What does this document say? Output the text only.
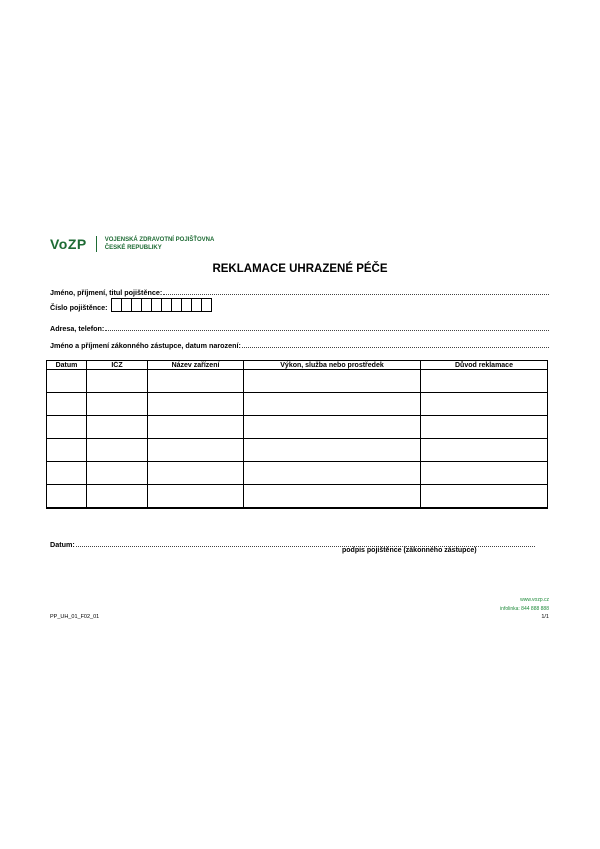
VoZP	VOJENSKÁ ZDRAVOTNÍ POJIŠŤOVNA
ČESKÉ REPUBLIKY
REKLAMACE UHRAZENÉ PÉČE
Jméno, příjmení, titul pojištěnce:
Číslo pojištěnce:
Adresa, telefon:
Jméno a příjmení zákonného zástupce, datum narození:
Datum	IČZ	Název zařízení	Výkon, služba nebo prostředek	Důvod reklamace

Datum:
podpis pojištěnce (zákonného zástupce)
www.vozp.cz
infolinka: 844 888 888
PP_UH_01_F02_01	1/1
